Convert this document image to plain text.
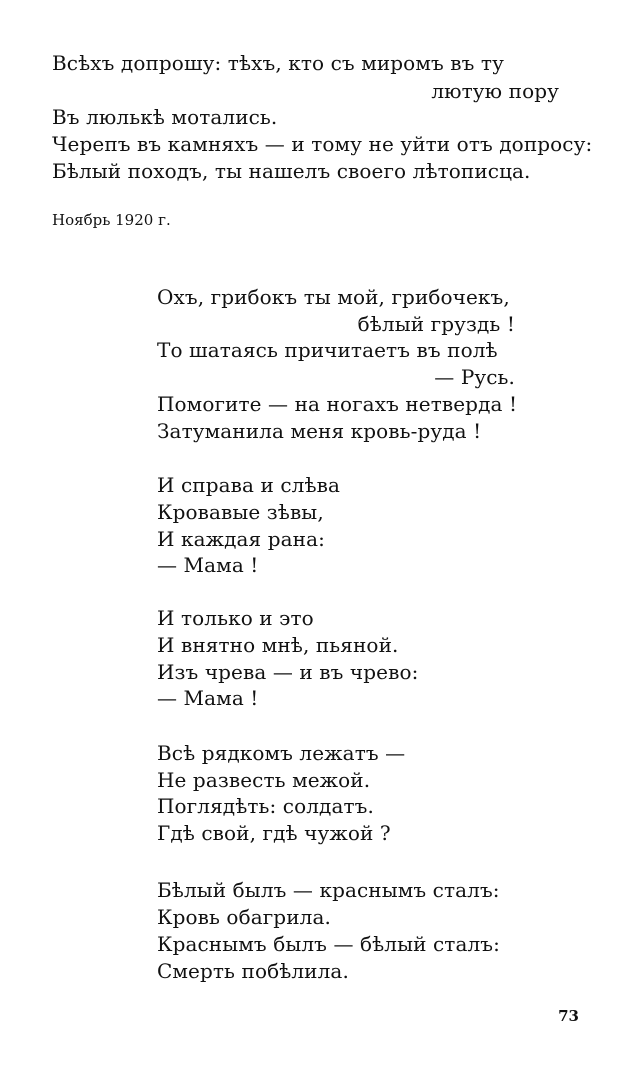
Всѣхъ допрошу: тѣхъ, кто съ миромъ въ ту
лютую пору
Въ люлькѣ мотались.
Черепъ въ камняхъ — и тому не уйти отъ допросу:
Бѣлый походъ, ты нашелъ своего лѣтописца.
Ноябрь 1920 г.
Охъ, грибокъ ты мой, грибочекъ,
бѣлый груздь !
То шатаясь причитаетъ въ полѣ
— Русь.
Помогите — на ногахъ нетверда !
Затуманила меня кровь-руда !
И справа и слѣва
Кровавые зѣвы,
И каждая рана:
— Мама !
И только и это
И внятно мнѣ, пьяной.
Изъ чрева — и въ чрево:
— Мама !
Всѣ рядкомъ лежатъ —
Не развесть межой.
Поглядѣть: солдатъ.
Гдѣ свой, гдѣ чужой ?
Бѣлый былъ — краснымъ сталъ:
Кровь обагрила.
Краснымъ былъ — бѣлый сталъ:
Смерть побѣлила.
73
